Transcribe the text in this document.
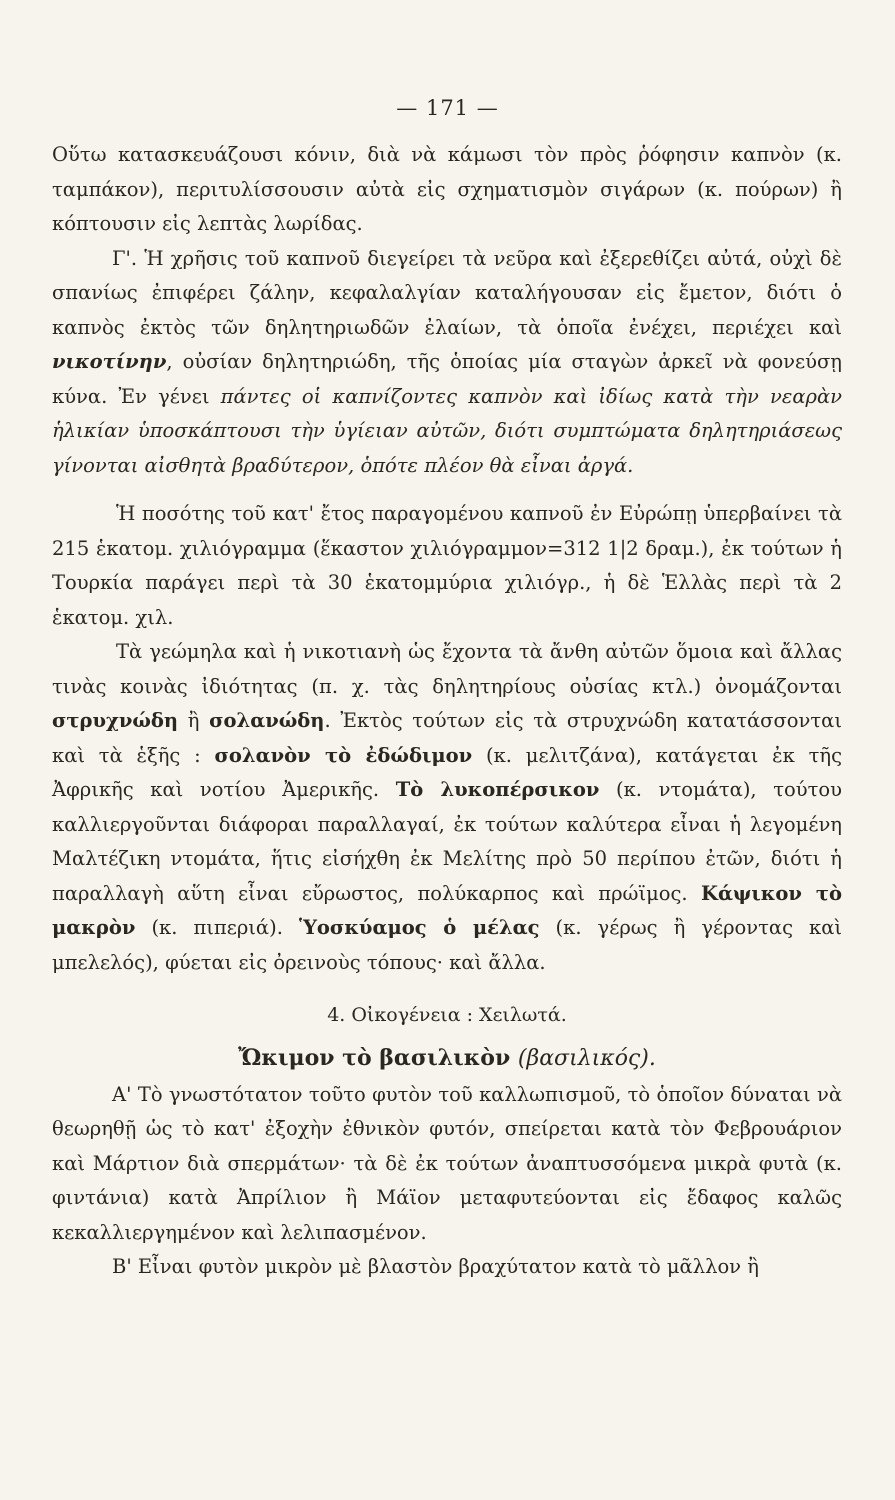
— 171 —

Οὕτω κατασκευάζουσι κόνιν, διὰ νὰ κάμωσι τὸν πρὸς ῥόφησιν καπνὸν (κ. ταμπάκον), περιτυλίσσουσιν αὐτὰ εἰς σχηματισμὸν σιγάρων (κ. πούρων) ἢ κόπτουσιν εἰς λεπτὰς λωρίδας.

Γ'. Ἡ χρῆσις τοῦ καπνοῦ διεγείρει τὰ νεῦρα καὶ ἐξερεθίζει αὐτά, οὐχὶ δὲ σπανίως ἐπιφέρει ζάλην, κεφαλαλγίαν καταλήγουσαν εἰς ἔμετον, διότι ὁ καπνὸς ἐκτὸς τῶν δηλητηριωδῶν ἐλαίων, τὰ ὁποῖα ἐνέχει, περιέχει καὶ νικοτίνην, οὐσίαν δηλητηριώδη, τῆς ὁποίας μία σταγὼν ἀρκεῖ νὰ φονεύσῃ κύνα. Ἐν γένει πάντες οἱ καπνίζοντες καπνὸν καὶ ἰδίως κατὰ τὴν νεαρὰν ἡλικίαν ὑποσκάπτουσι τὴν ὑγίειαν αὐτῶν, διότι συμπτώματα δηλητηριάσεως γίνονται αἰσθητὰ βραδύτερον, ὁπότε πλέον θὰ εἶναι ἀργά.

Ἡ ποσότης τοῦ κατ' ἔτος παραγομένου καπνοῦ ἐν Εὐρώπῃ ὑπερβαίνει τὰ 215 ἑκατομ. χιλιόγραμμα (ἕκαστον χιλιόγραμμον=312 1|2 δραμ.), ἐκ τούτων ἡ Τουρκία παράγει περὶ τὰ 30 ἑκατομμύρια χιλιόγρ., ἡ δὲ Ἑλλὰς περὶ τὰ 2 ἑκατομ. χιλ.

Τὰ γεώμηλα καὶ ἡ νικοτιανὴ ὡς ἔχοντα τὰ ἄνθη αὐτῶν ὅμοια καὶ ἄλλας τινὰς κοινὰς ἰδιότητας (π. χ. τὰς δηλητηρίους οὐσίας κτλ.) ὀνομάζονται στρυχνώδη ἢ σολανώδη. Ἐκτὸς τούτων εἰς τὰ στρυχνώδη κατατάσσονται καὶ τὰ ἑξῆς : σολανὸν τὸ ἐδώδιμον (κ. μελιτζάνα), κατάγεται ἐκ τῆς Ἀφρικῆς καὶ νοτίου Ἀμερικῆς. Τὸ λυκοπέρσικον (κ. ντομάτα), τούτου καλλιεργοῦνται διάφοραι παραλλαγαί, ἐκ τούτων καλύτερα εἶναι ἡ λεγομένη Μαλτέζικη ντομάτα, ἥτις εἰσήχθη ἐκ Μελίτης πρὸ 50 περίπου ἐτῶν, διότι ἡ παραλλαγὴ αὕτη εἶναι εὔρωστος, πολύκαρπος καὶ πρώϊμος. Κάψικον τὸ μακρὸν (κ. πιπεριά). Ὑοσκύαμος ὁ μέλας (κ. γέρως ἢ γέροντας καὶ μπελελός), φύεται εἰς ὀρεινοὺς τόπους· καὶ ἄλλα.

4. Οἰκογένεια : Χειλωτά.

Ὤκιμον τὸ βασιλικὸν (βασιλικός).

Α' Τὸ γνωστότατον τοῦτο φυτὸν τοῦ καλλωπισμοῦ, τὸ ὁποῖον δύναται νὰ θεωρηθῇ ὡς τὸ κατ' ἐξοχὴν ἐθνικὸν φυτόν, σπείρεται κατὰ τὸν Φεβρουάριον καὶ Μάρτιον διὰ σπερμάτων· τὰ δὲ ἐκ τούτων ἀναπτυσσόμενα μικρὰ φυτὰ (κ. φιντάνια) κατὰ Ἀπρίλιον ἢ Μάϊον μεταφυτεύονται εἰς ἔδαφος καλῶς κεκαλλιεργημένον καὶ λελιπασμένον.

Β' Εἶναι φυτὸν μικρὸν μὲ βλαστὸν βραχύτατον κατὰ τὸ μᾶλλον ἢ
